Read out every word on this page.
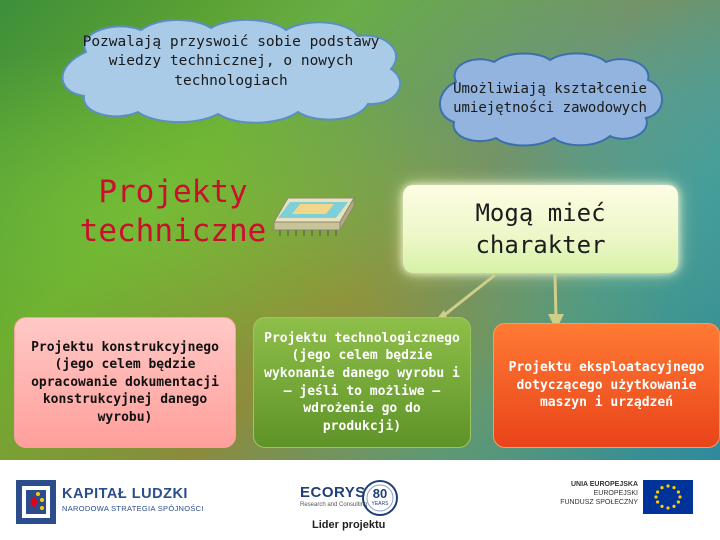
Pozwalają przyswoić sobie podstawy wiedzy technicznej, o nowych technologiach
Umożliwiają kształcenie umiejętności zawodowych
Projekty
techniczne
Mogą mieć
charakter
Projektu konstrukcyjnego (jego celem będzie opracowanie dokumentacji konstrukcyjnej danego wyrobu)
Projektu technologicznego (jego celem będzie wykonanie danego wyrobu i – jeśli to możliwe – wdrożenie go do produkcji)
Projektu eksploatacyjnego dotyczącego użytkowanie maszyn i urządzeń
KAPITAŁ LUDZKI
NARODOWA STRATEGIA SPÓJNOŚCI
ECORYS
Research and Consulting
80
YEARS
Lider projektu
UNIA EUROPEJSKA
EUROPEJSKI
FUNDUSZ SPOŁECZNY
